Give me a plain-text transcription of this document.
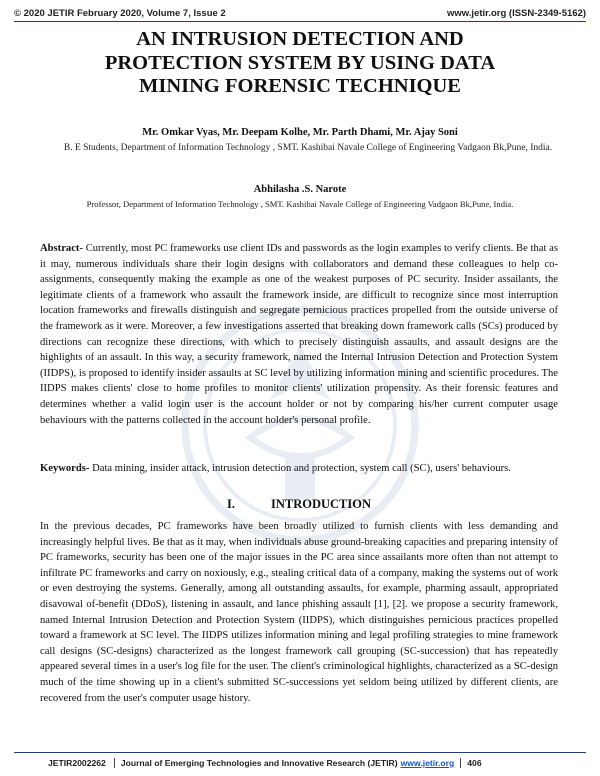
© 2020 JETIR February 2020, Volume 7, Issue 2	www.jetir.org (ISSN-2349-5162)
AN INTRUSION DETECTION AND
PROTECTION SYSTEM BY USING DATA
MINING FORENSIC TECHNIQUE
Mr. Omkar Vyas, Mr. Deepam Kolhe, Mr. Parth Dhami, Mr. Ajay Soni
B. E Students, Department of Information Technology , SMT. Kashibai Navale College of Engineering Vadgaon Bk,Pune, India.
Abhilasha .S. Narote
Professor, Department of Information Technology , SMT. Kashibai Navale College of Engineering Vadgaon Bk,Pune, India.

Abstract- Currently, most PC frameworks use client IDs and passwords as the login examples to verify clients. Be that as it may, numerous individuals share their login designs with collaborators and demand these colleagues to help co-assignments, consequently making the example as one of the weakest purposes of PC security. Insider assailants, the legitimate clients of a framework who assault the framework inside, are difficult to recognize since most interruption location frameworks and firewalls distinguish and segregate pernicious practices propelled from the outside universe of the framework as it were. Moreover, a few investigations asserted that breaking down framework calls (SCs) produced by directions can recognize these directions, with which to precisely distinguish assaults, and assault designs are the highlights of an assault. In this way, a security framework, named the Internal Intrusion Detection and Protection System (IIDPS), is proposed to identify insider assaults at SC level by utilizing information mining and scientific procedures. The IIDPS makes clients' close to home profiles to monitor clients' utilization propensity. As their forensic features and determines whether a valid login user is the account holder or not by comparing his/her current computer usage behaviours with the patterns collected in the account holder's personal profile.

Keywords- Data mining, insider attack, intrusion detection and protection, system call (SC), users' behaviours.

I.	INTRODUCTION

In the previous decades, PC frameworks have been broadly utilized to furnish clients with less demanding and increasingly helpful lives. Be that as it may, when individuals abuse ground-breaking capacities and preparing intensity of PC frameworks, security has been one of the major issues in the PC area since assailants more often than not attempt to infiltrate PC frameworks and carry on noxiously, e.g., stealing critical data of a company, making the systems out of work or even destroying the systems. Generally, among all outstanding assaults, for example, pharming assault, appropriated disavowal of-benefit (DDoS), listening in assault, and lance phishing assault [1], [2]. we propose a security framework, named Internal Intrusion Detection and Protection System (IIDPS), which distinguishes pernicious practices propelled toward a framework at SC level. The IIDPS utilizes information mining and legal profiling strategies to mine framework call designs (SC-designs) characterized as the longest framework call grouping (SC-succession) that has repeatedly appeared several times in a user's log file for the user. The client's criminological highlights, characterized as a SC-design much of the time showing up in a client's submitted SC-successions yet seldom being utilized by different clients, are recovered from the user's computer usage history.

JETIR2002262	Journal of Emerging Technologies and Innovative Research (JETIR) www.jetir.org	406
